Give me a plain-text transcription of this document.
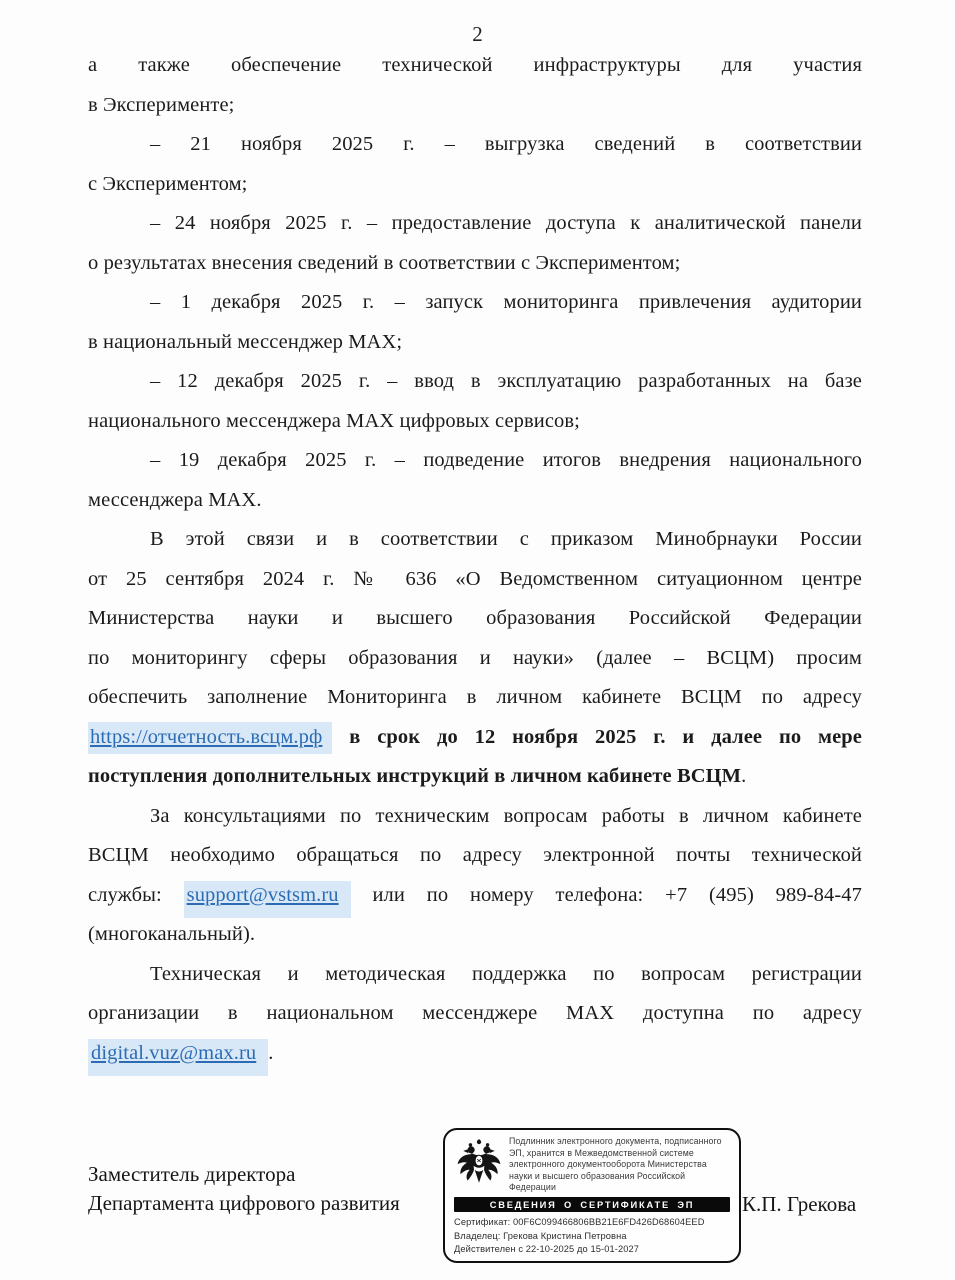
2
а также обеспечение технической инфраструктуры для участия
в Эксперименте;
– 21 ноября 2025 г. – выгрузка сведений в соответствии
с Экспериментом;
– 24 ноября 2025 г. – предоставление доступа к аналитической панели
о результатах внесения сведений в соответствии с Экспериментом;
– 1 декабря 2025 г. – запуск мониторинга привлечения аудитории
в национальный мессенджер MAX;
– 12 декабря 2025 г. – ввод в эксплуатацию разработанных на базе
национального мессенджера MAX цифровых сервисов;
– 19 декабря 2025 г. – подведение итогов внедрения национального
мессенджера MAX.
В этой связи и в соответствии с приказом Минобрнауки России
от 25 сентября 2024 г. № 636 «О Ведомственном ситуационном центре
Министерства науки и высшего образования Российской Федерации
по мониторингу сферы образования и науки» (далее – ВСЦМ) просим
обеспечить заполнение Мониторинга в личном кабинете ВСЦМ по адресу
https://отчетность.всцм.рф в срок до 12 ноября 2025 г. и далее по мере
поступления дополнительных инструкций в личном кабинете ВСЦМ.
За консультациями по техническим вопросам работы в личном кабинете
ВСЦМ необходимо обращаться по адресу электронной почты технической
службы: support@vstsm.ru или по номеру телефона: +7 (495) 989-84-47
(многоканальный).
Техническая и методическая поддержка по вопросам регистрации
организации в национальном мессенджере MAX доступна по адресу
digital.vuz@max.ru .
Заместитель директора
Департамента цифрового развития
Подлинник электронного документа, подписанного ЭП, хранится в Межведомственной системе электронного документооборота Министерства науки и высшего образования Российской Федерации
СВЕДЕНИЯ О СЕРТИФИКАТЕ ЭП
Сертификат: 00F6C099466806BB21E6FD426D68604EED
Владелец: Грекова Кристина Петровна
Действителен с 22-10-2025 до 15-01-2027
К.П. Грекова
